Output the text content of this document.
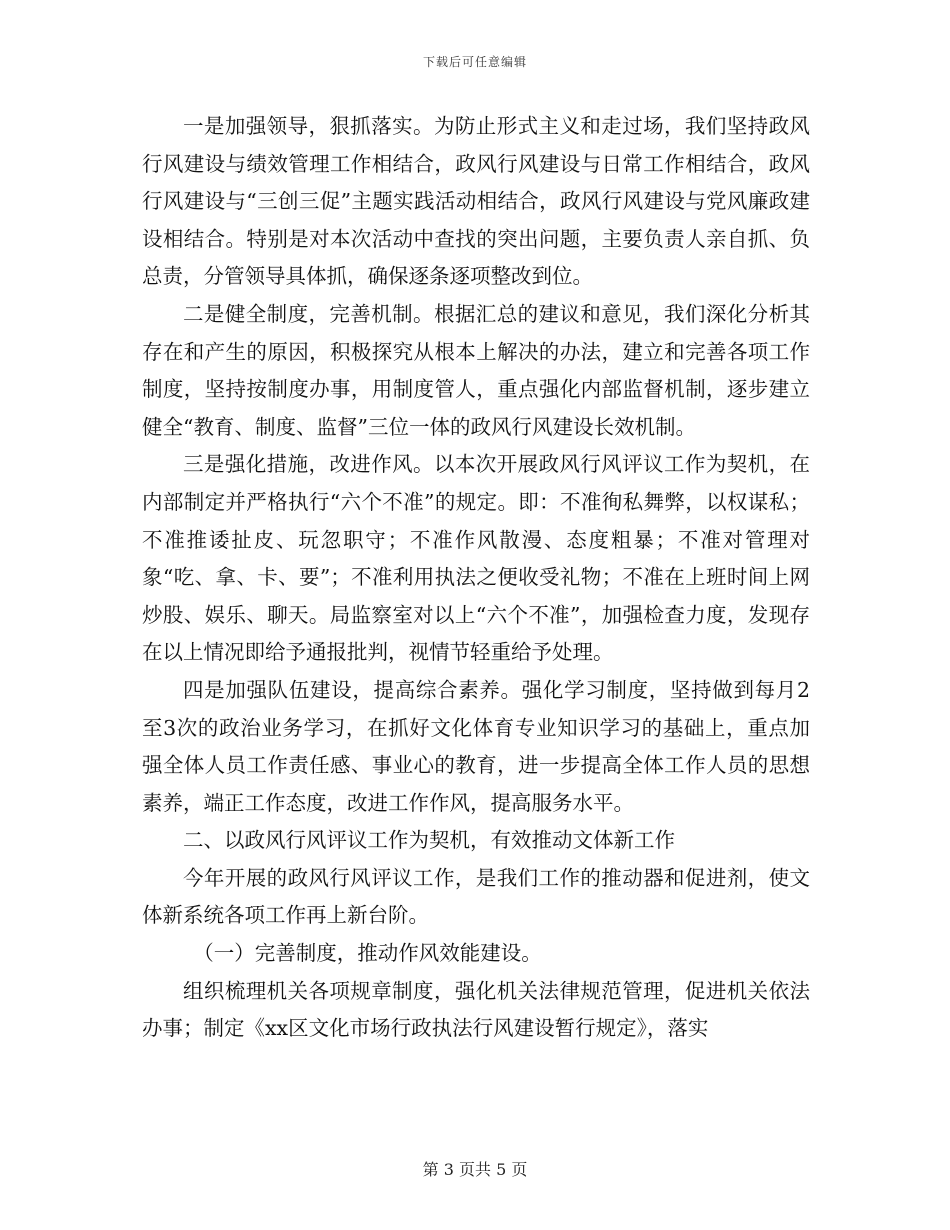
下载后可任意编辑

一是加强领导，狠抓落实。为防止形式主义和走过场，我们坚持政风行风建设与绩效管理工作相结合，政风行风建设与日常工作相结合，政风行风建设与“三创三促”主题实践活动相结合，政风行风建设与党风廉政建设相结合。特别是对本次活动中查找的突出问题，主要负责人亲自抓、负总责，分管领导具体抓，确保逐条逐项整改到位。

二是健全制度，完善机制。根据汇总的建议和意见，我们深化分析其存在和产生的原因，积极探究从根本上解决的办法，建立和完善各项工作制度，坚持按制度办事，用制度管人，重点强化内部监督机制，逐步建立健全“教育、制度、监督”三位一体的政风行风建设长效机制。

三是强化措施，改进作风。以本次开展政风行风评议工作为契机，在内部制定并严格执行“六个不准”的规定。即：不准徇私舞弊，以权谋私；不准推诿扯皮、玩忽职守；不准作风散漫、态度粗暴；不准对管理对象“吃、拿、卡、要”；不准利用执法之便收受礼物；不准在上班时间上网炒股、娱乐、聊天。局监察室对以上“六个不准”，加强检查力度，发现存在以上情况即给予通报批判，视情节轻重给予处理。

四是加强队伍建设，提高综合素养。强化学习制度，坚持做到每月2至3次的政治业务学习，在抓好文化体育专业知识学习的基础上，重点加强全体人员工作责任感、事业心的教育，进一步提高全体工作人员的思想素养，端正工作态度，改进工作作风，提高服务水平。

二、以政风行风评议工作为契机，有效推动文体新工作

今年开展的政风行风评议工作，是我们工作的推动器和促进剂，使文体新系统各项工作再上新台阶。

（一）完善制度，推动作风效能建设。

组织梳理机关各项规章制度，强化机关法律规范管理，促进机关依法办事；制定《xx区文化市场行政执法行风建设暂行规定》，落实

第 3 页共 5 页
